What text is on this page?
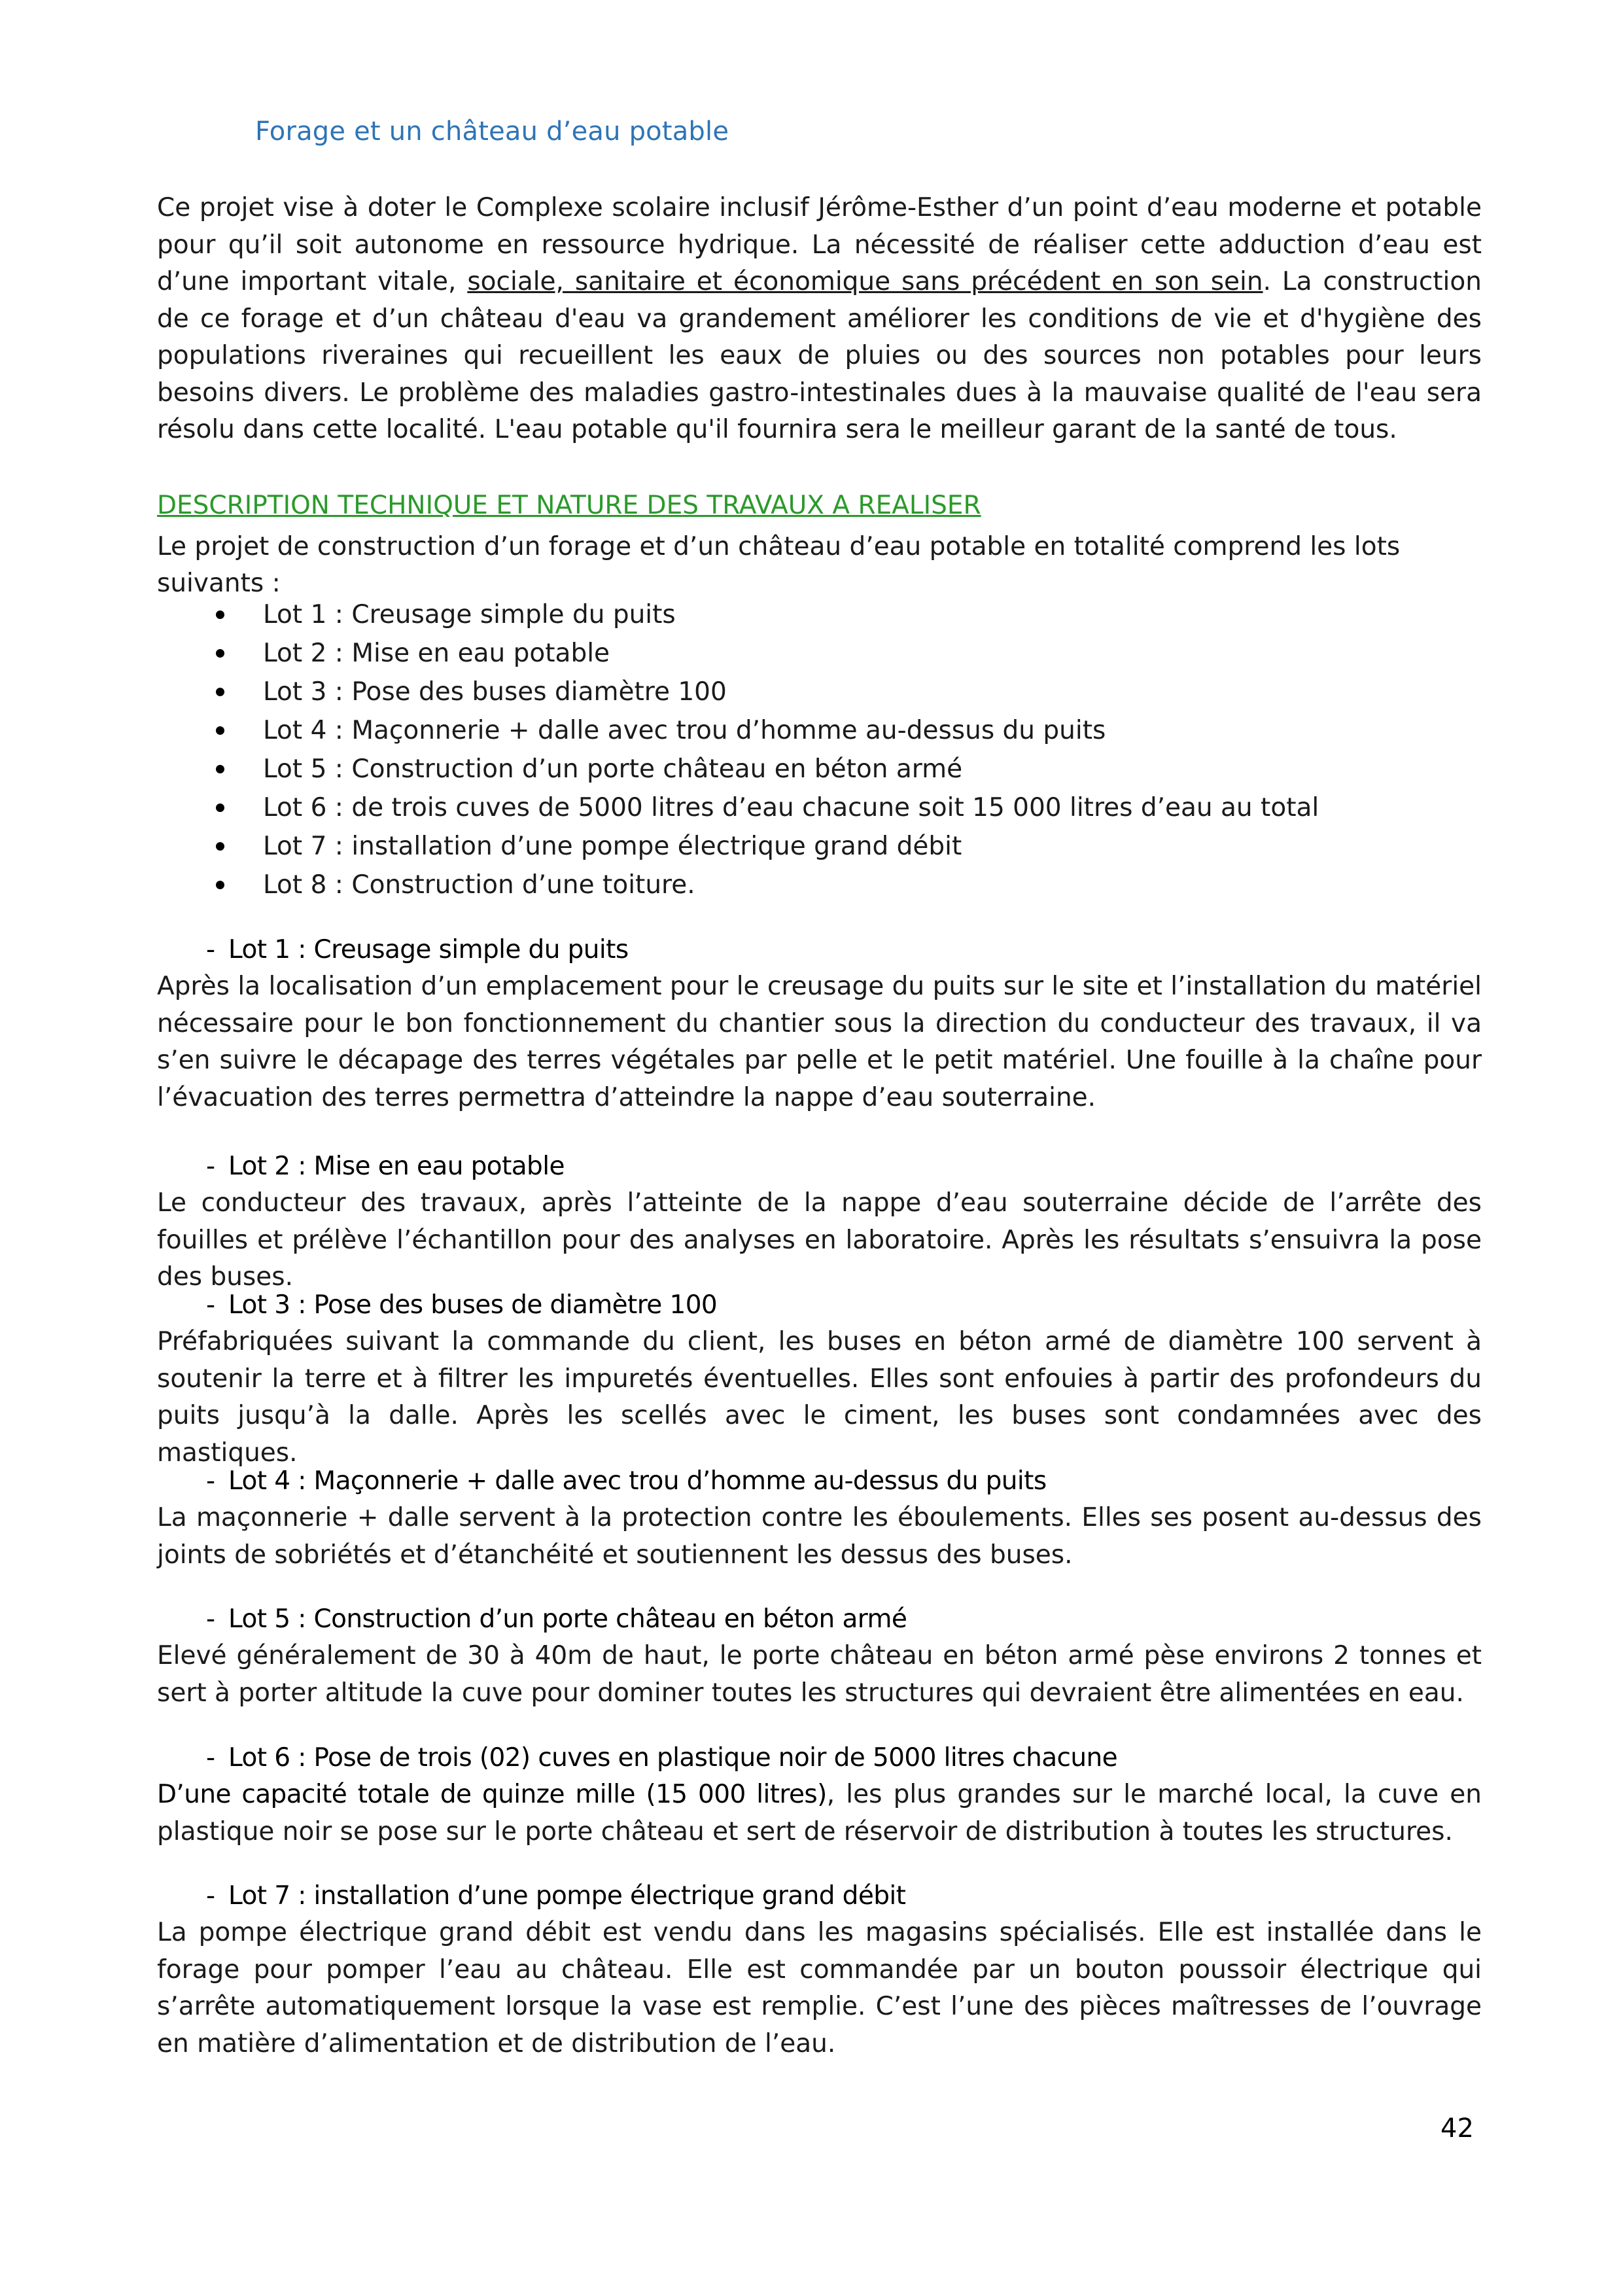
Forage et un château d’eau potable
Ce projet vise à doter le Complexe scolaire inclusif Jérôme-Esther d’un point d’eau moderne et potable pour qu’il soit autonome en ressource hydrique. La nécessité de réaliser cette adduction d’eau est d’une important vitale, sociale, sanitaire et économique sans précédent en son sein. La construction de ce forage et d’un château d'eau va grandement améliorer les conditions de vie et d'hygiène des populations riveraines qui recueillent les eaux de pluies ou des sources non potables pour leurs besoins divers. Le problème des maladies gastro-intestinales dues à la mauvaise qualité de l'eau sera résolu dans cette localité. L'eau potable qu'il fournira sera le meilleur garant de la santé de tous.
DESCRIPTION TECHNIQUE ET NATURE DES TRAVAUX A REALISER
Le projet de construction d’un forage et d’un château d’eau potable en totalité comprend les lots suivants :
Lot 1 : Creusage simple du puits
Lot 2 : Mise en eau potable
Lot 3 : Pose des buses diamètre 100
Lot 4 : Maçonnerie + dalle avec trou d’homme au-dessus du puits
Lot 5 : Construction d’un porte château en béton armé
Lot 6 : de trois cuves de 5000 litres d’eau chacune soit 15 000 litres d’eau au total
Lot 7 : installation d’une pompe électrique grand débit
Lot 8 : Construction d’une toiture.
- Lot 1 : Creusage simple du puits
Après la localisation d’un emplacement pour le creusage du puits sur le site et l’installation du matériel nécessaire pour le bon fonctionnement du chantier sous la direction du conducteur des travaux, il va s’en suivre le décapage des terres végétales par pelle et le petit matériel. Une fouille à la chaîne pour l’évacuation des terres permettra d’atteindre la nappe d’eau souterraine.
- Lot 2 : Mise en eau potable
Le conducteur des travaux, après l’atteinte de la nappe d’eau souterraine décide de l’arrête des fouilles et prélève l’échantillon pour des analyses en laboratoire. Après les résultats s’ensuivra la pose des buses.
- Lot 3 : Pose des buses de diamètre 100
Préfabriquées suivant la commande du client, les buses en béton armé de diamètre 100 servent à soutenir la terre et à filtrer les impuretés éventuelles. Elles sont enfouies à partir des profondeurs du puits jusqu’à la dalle. Après les scellés avec le ciment, les buses sont condamnées avec des mastiques.
- Lot 4 : Maçonnerie + dalle avec trou d’homme au-dessus du puits
La maçonnerie + dalle servent à la protection contre les éboulements. Elles ses posent au-dessus des joints de sobriétés et d’étanchéité et soutiennent les dessus des buses.
- Lot 5 : Construction d’un porte château en béton armé
Elevé généralement de 30 à 40m de haut, le porte château en béton armé pèse environs 2 tonnes et sert à porter altitude la cuve pour dominer toutes les structures qui devraient être alimentées en eau.
- Lot 6 : Pose de trois (02) cuves en plastique noir de 5000 litres chacune
D’une capacité totale de quinze mille (15 000 litres), les plus grandes sur le marché local, la cuve en plastique noir se pose sur le porte château et sert de réservoir de distribution à toutes les structures.
- Lot 7 : installation d’une pompe électrique grand débit
La pompe électrique grand débit est vendu dans les magasins spécialisés. Elle est installée dans le forage pour pomper l’eau au château. Elle est commandée par un bouton poussoir électrique qui s’arrête automatiquement lorsque la vase est remplie. C’est l’une des pièces maîtresses de l’ouvrage en matière d’alimentation et de distribution de l’eau.
42
